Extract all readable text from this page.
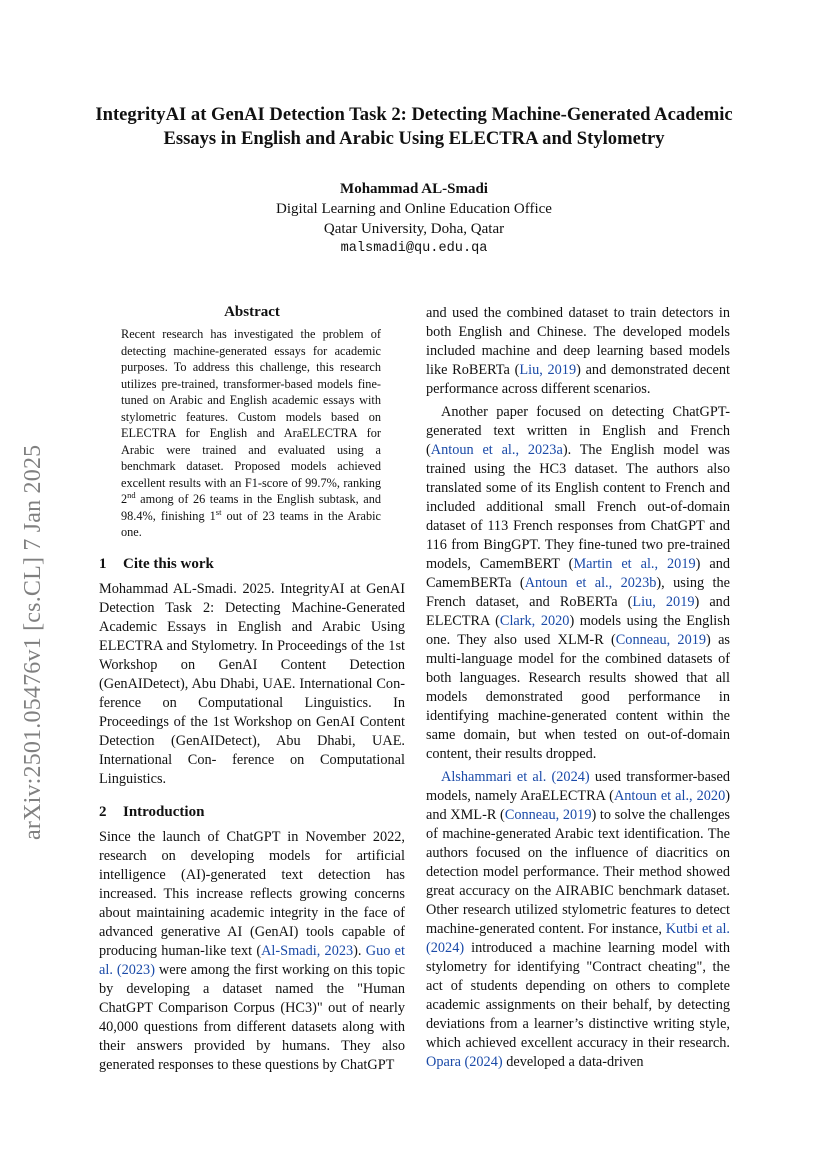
arXiv:2501.05476v1 [cs.CL] 7 Jan 2025
IntegrityAI at GenAI Detection Task 2: Detecting Machine-Generated Academic Essays in English and Arabic Using ELECTRA and Stylometry
Mohammad AL-Smadi
Digital Learning and Online Education Office
Qatar University, Doha, Qatar
malsmadi@qu.edu.qa
Abstract

Recent research has investigated the problem of detecting machine-generated essays for academic purposes. To address this challenge, this research utilizes pre-trained, transformer-based models fine-tuned on Arabic and English academic essays with stylometric features. Custom models based on ELECTRA for English and AraELECTRA for Arabic were trained and evaluated using a benchmark dataset. Proposed models achieved excellent results with an F1-score of 99.7%, ranking 2nd among of 26 teams in the English subtask, and 98.4%, finishing 1st out of 23 teams in the Arabic one.

1 Cite this work

Mohammad AL-Smadi. 2025. IntegrityAI at GenAI Detection Task 2: Detecting Machine-Generated Academic Essays in English and Arabic Using ELECTRA and Stylometry. In Proceedings of the 1st Workshop on GenAI Content Detection (GenAIDetect), Abu Dhabi, UAE. International Con- ference on Computational Linguistics. In Proceedings of the 1st Workshop on GenAI Content Detection (GenAIDetect), Abu Dhabi, UAE. International Con- ference on Computational Linguistics.

2 Introduction

Since the launch of ChatGPT in November 2022, research on developing models for artificial intelligence (AI)-generated text detection has increased. This increase reflects growing concerns about maintaining academic integrity in the face of advanced generative AI (GenAI) tools capable of producing human-like text (Al-Smadi, 2023). Guo et al. (2023) were among the first working on this topic by developing a dataset named the "Human ChatGPT Comparison Corpus (HC3)" out of nearly 40,000 questions from different datasets along with their answers provided by humans. They also generated responses to these questions by ChatGPT

and used the combined dataset to train detectors in both English and Chinese. The developed models included machine and deep learning based models like RoBERTa (Liu, 2019) and demonstrated decent performance across different scenarios.

Another paper focused on detecting ChatGPT-generated text written in English and French (Antoun et al., 2023a). The English model was trained using the HC3 dataset. The authors also translated some of its English content to French and included additional small French out-of-domain dataset of 113 French responses from ChatGPT and 116 from BingGPT. They fine-tuned two pre-trained models, CamemBERT (Martin et al., 2019) and CamemBERTa (Antoun et al., 2023b), using the French dataset, and RoBERTa (Liu, 2019) and ELECTRA (Clark, 2020) models using the English one. They also used XLM-R (Conneau, 2019) as multi-language model for the combined datasets of both languages. Research results showed that all models demonstrated good performance in identifying machine-generated content within the same domain, but when tested on out-of-domain content, their results dropped.

Alshammari et al. (2024) used transformer-based models, namely AraELECTRA (Antoun et al., 2020) and XML-R (Conneau, 2019) to solve the challenges of machine-generated Arabic text identification. The authors focused on the influence of diacritics on detection model performance. Their method showed great accuracy on the AIRABIC benchmark dataset. Other research utilized stylometric features to detect machine-generated content. For instance, Kutbi et al. (2024) introduced a machine learning model with stylometry for identifying "Contract cheating", the act of students depending on others to complete academic assignments on their behalf, by detecting deviations from a learner’s distinctive writing style, which achieved excellent accuracy in their research. Opara (2024) developed a data-driven
